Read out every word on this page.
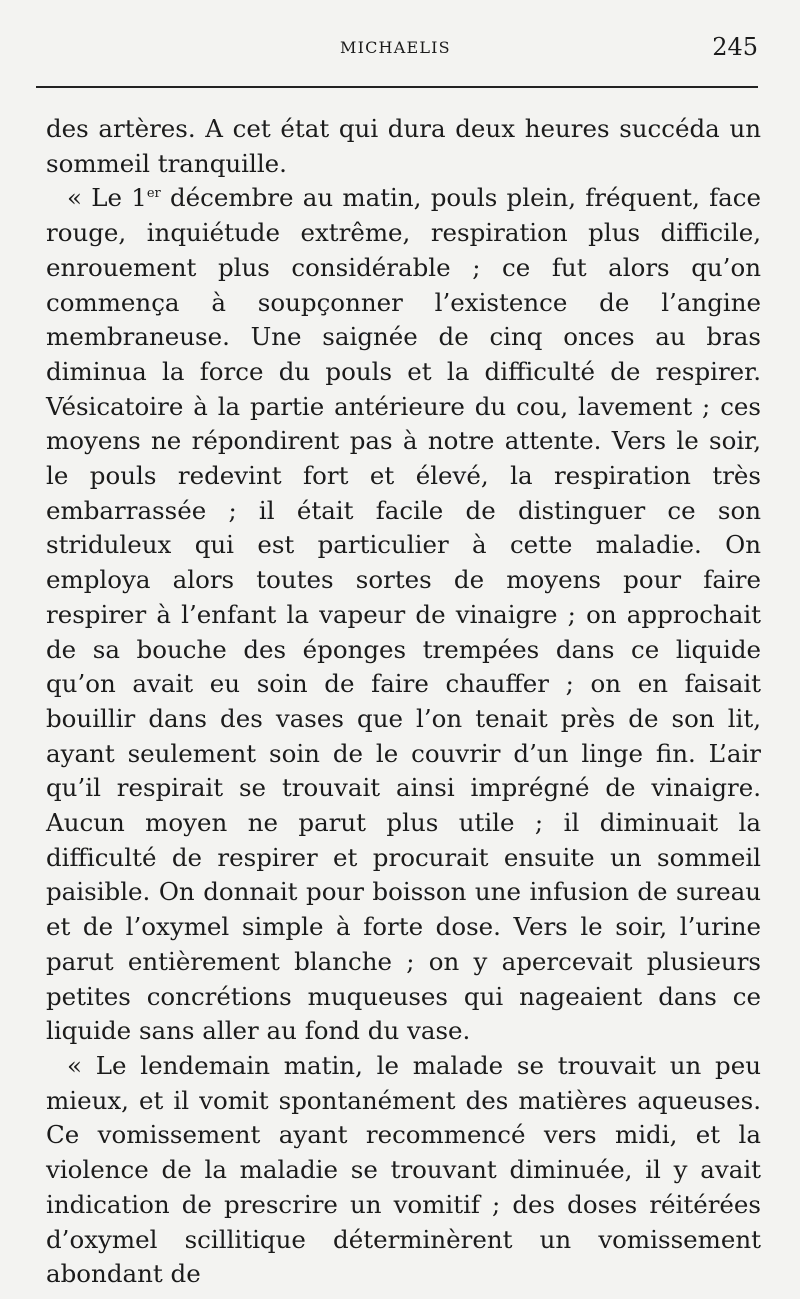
MICHAELIS	245

des artères. A cet état qui dura deux heures succéda un sommeil tranquille.

« Le 1er décembre au matin, pouls plein, fréquent, face rouge, inquiétude extrême, respiration plus difficile, enrouement plus considérable ; ce fut alors qu’on commença à soupçonner l’existence de l’angine membraneuse. Une saignée de cinq onces au bras diminua la force du pouls et la difficulté de respirer. Vésicatoire à la partie antérieure du cou, lavement ; ces moyens ne répondirent pas à notre attente. Vers le soir, le pouls redevint fort et élevé, la respiration très embarrassée ; il était facile de distinguer ce son striduleux qui est particulier à cette maladie. On employa alors toutes sortes de moyens pour faire respirer à l’enfant la vapeur de vinaigre ; on approchait de sa bouche des éponges trempées dans ce liquide qu’on avait eu soin de faire chauffer ; on en faisait bouillir dans des vases que l’on tenait près de son lit, ayant seulement soin de le couvrir d’un linge fin. L’air qu’il respirait se trouvait ainsi imprégné de vinaigre. Aucun moyen ne parut plus utile ; il diminuait la difficulté de respirer et procurait ensuite un sommeil paisible. On donnait pour boisson une infusion de sureau et de l’oxymel simple à forte dose. Vers le soir, l’urine parut entièrement blanche ; on y apercevait plusieurs petites concrétions muqueuses qui nageaient dans ce liquide sans aller au fond du vase.

« Le lendemain matin, le malade se trouvait un peu mieux, et il vomit spontanément des matières aqueuses. Ce vomissement ayant recommencé vers midi, et la violence de la maladie se trouvant diminuée, il y avait indication de prescrire un vomitif ; des doses réitérées d’oxymel scillitique déterminèrent un vomissement abondant de
